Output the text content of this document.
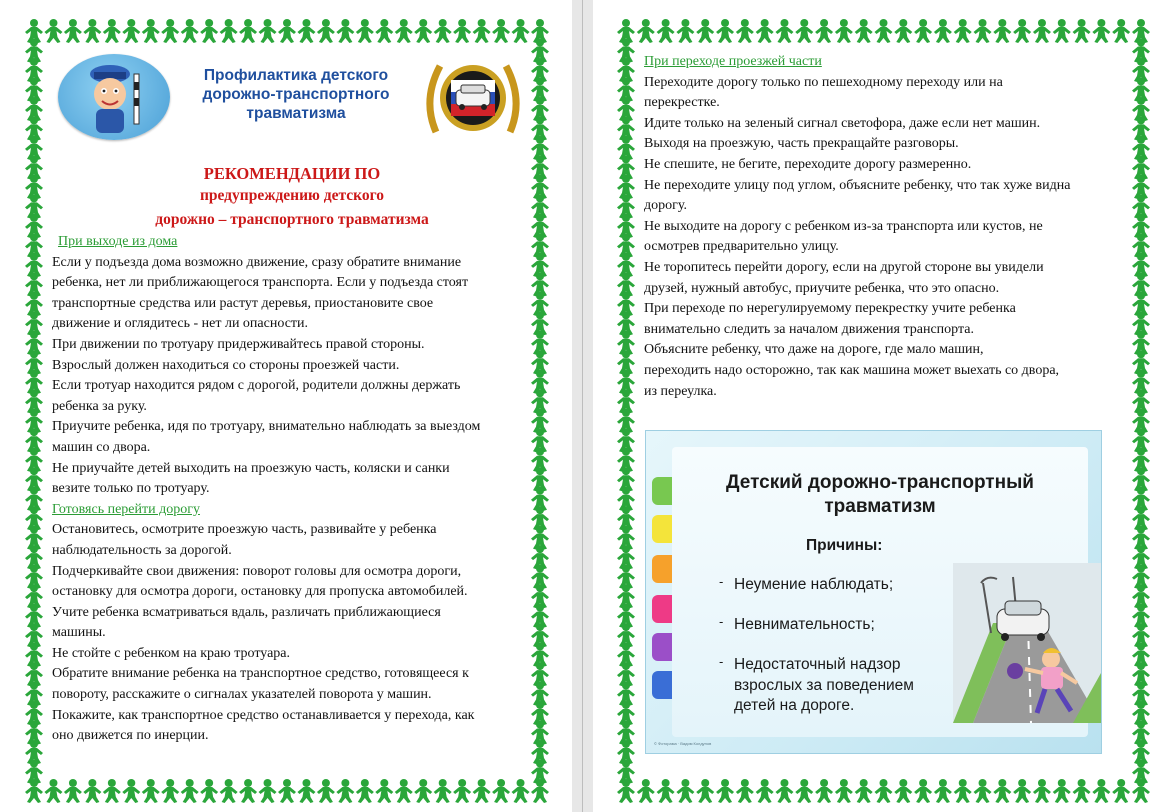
Профилактика детского дорожно-транспортного травматизма
РЕКОМЕНДАЦИИ ПО
предупреждению детского
дорожно – транспортного травматизма
При выходе из дома
Если у подъезда дома возможно движение, сразу обратите внимание
ребенка, нет ли приближающегося транспорта. Если у подъезда стоят
транспортные средства или растут деревья, приостановите свое
движение и оглядитесь - нет ли опасности.
При движении по тротуару придерживайтесь правой стороны.
Взрослый должен находиться со стороны проезжей части.
Если тротуар находится рядом с дорогой, родители должны держать
ребенка за руку.
Приучите ребенка, идя по тротуару, внимательно наблюдать за выездом
машин со двора.
Не приучайте детей выходить на проезжую часть, коляски и санки
везите только по тротуару.
Готовясь перейти дорогу
Остановитесь, осмотрите проезжую часть, развивайте у ребенка
наблюдательность за дорогой.
Подчеркивайте свои движения: поворот головы для осмотра дороги,
остановку для осмотра дороги, остановку для пропуска автомобилей.
Учите ребенка всматриваться вдаль, различать приближающиеся
машины.
Не стойте с ребенком на краю тротуара.
Обратите внимание ребенка на транспортное средство, готовящееся к
повороту, расскажите о сигналах указателей поворота у машин.
Покажите, как транспортное средство останавливается у перехода, как
оно движется по инерции.
При переходе проезжей части
Переходите дорогу только по пешеходному переходу или на
перекрестке.
Идите только на зеленый сигнал светофора, даже если нет машин.
Выходя на проезжую, часть прекращайте разговоры.
Не спешите, не бегите, переходите дорогу размеренно.
Не переходите улицу под углом, объясните ребенку, что так хуже видна
дорогу.
Не выходите на дорогу с ребенком из-за транспорта или кустов, не
осмотрев предварительно улицу.
Не торопитесь перейти дорогу, если на другой стороне вы увидели
друзей, нужный автобус, приучите ребенка, что это опасно.
При переходе по нерегулируемому перекрестку учите ребенка
внимательно следить за началом движения транспорта.
Объясните ребенку, что даже на дороге, где мало машин,
переходить надо осторожно, так как машина может выехать со двора,
из переулка.
Детский дорожно-транспортный
травматизм
Причины:
- Неумение наблюдать;
- Невнимательность;
- Недостаточный надзор
взрослых за поведением
детей на дороге.
© Фоторама · Вадим Колдунов
